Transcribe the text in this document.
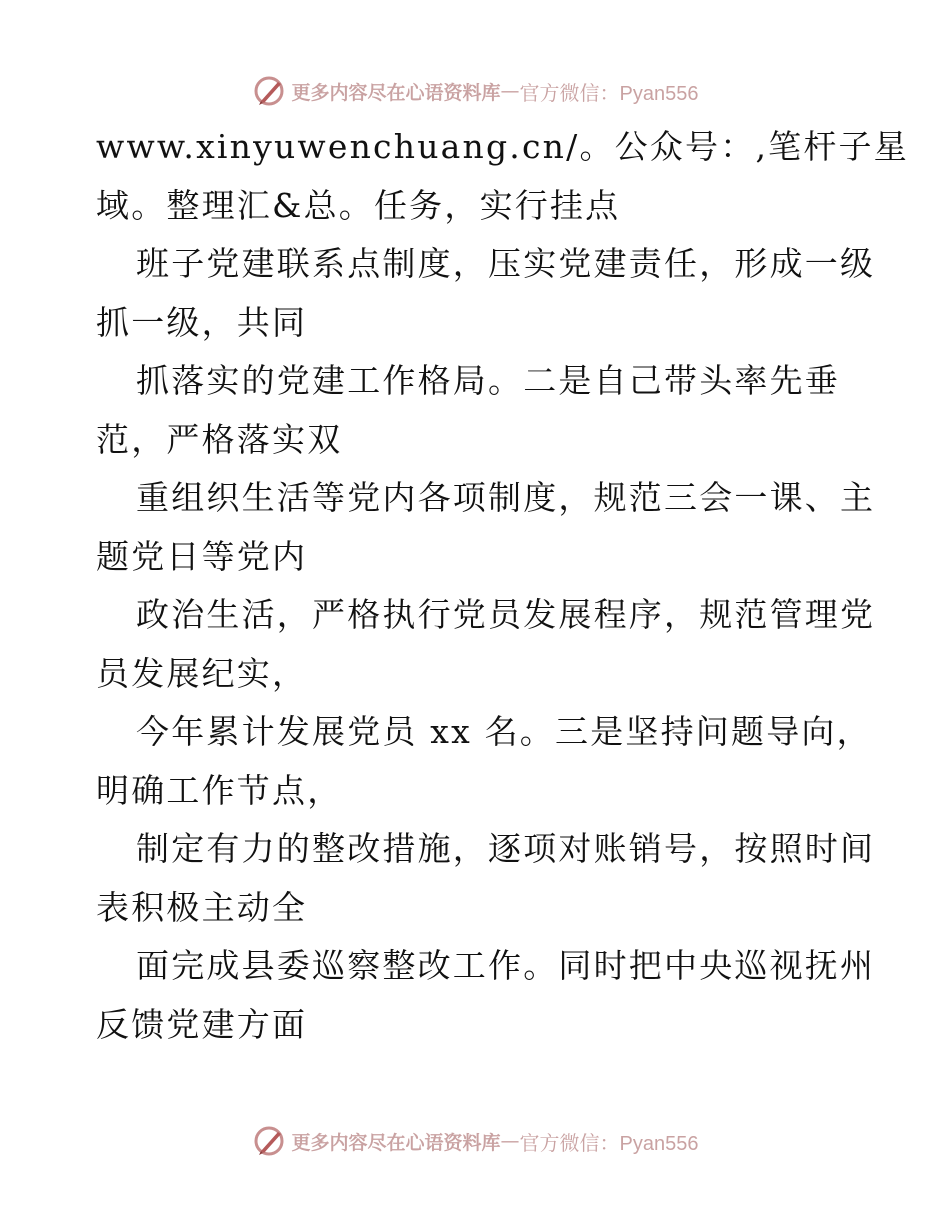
更多内容尽在心语资料库 — 官方微信：Pyan556
www.xinyuwenchuang.cn/。公众号：,笔杆子星
域。整理汇&总。任务，实行挂点
班子党建联系点制度，压实党建责任，形成一级
抓一级，共同
抓落实的党建工作格局。二是自己带头率先垂
范，严格落实双
重组织生活等党内各项制度，规范三会一课、主
题党日等党内
政治生活，严格执行党员发展程序，规范管理党
员发展纪实，
今年累计发展党员 xx 名。三是坚持问题导向，
明确工作节点，
制定有力的整改措施，逐项对账销号，按照时间
表积极主动全
面完成县委巡察整改工作。同时把中央巡视抚州
反馈党建方面
更多内容尽在心语资料库 — 官方微信：Pyan556
